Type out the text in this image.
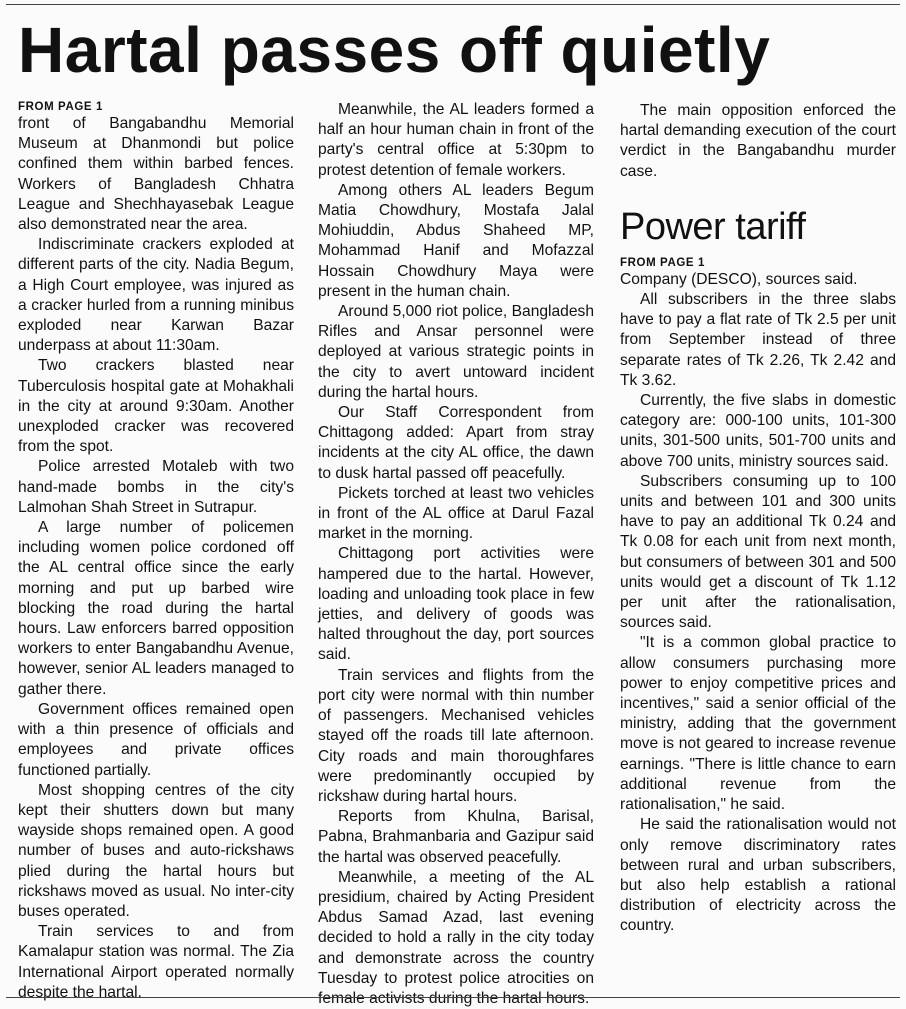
Hartal passes off quietly
FROM PAGE 1

front of Bangabandhu Memorial Museum at Dhanmondi but police confined them within barbed fences. Workers of Bangladesh Chhatra League and Shechhayasebak League also demonstrated near the area.

Indiscriminate crackers exploded at different parts of the city. Nadia Begum, a High Court employee, was injured as a cracker hurled from a running minibus exploded near Karwan Bazar underpass at about 11:30am.

Two crackers blasted near Tuberculosis hospital gate at Mohakhali in the city at around 9:30am. Another unexploded cracker was recovered from the spot.

Police arrested Motaleb with two hand-made bombs in the city's Lalmohan Shah Street in Sutrapur.

A large number of policemen including women police cordoned off the AL central office since the early morning and put up barbed wire blocking the road during the hartal hours. Law enforcers barred opposition workers to enter Bangabandhu Avenue, however, senior AL leaders managed to gather there.

Government offices remained open with a thin presence of officials and employees and private offices functioned partially.

Most shopping centres of the city kept their shutters down but many wayside shops remained open. A good number of buses and auto-rickshaws plied during the hartal hours but rickshaws moved as usual. No inter-city buses operated.

Train services to and from Kamalapur station was normal. The Zia International Airport operated normally despite the hartal.

Meanwhile, the AL leaders formed a half an hour human chain in front of the party's central office at 5:30pm to protest detention of female workers.

Among others AL leaders Begum Matia Chowdhury, Mostafa Jalal Mohiuddin, Abdus Shaheed MP, Mohammad Hanif and Mofazzal Hossain Chowdhury Maya were present in the human chain.

Around 5,000 riot police, Bangladesh Rifles and Ansar personnel were deployed at various strategic points in the city to avert untoward incident during the hartal hours.

Our Staff Correspondent from Chittagong added: Apart from stray incidents at the city AL office, the dawn to dusk hartal passed off peacefully.

Pickets torched at least two vehicles in front of the AL office at Darul Fazal market in the morning.

Chittagong port activities were hampered due to the hartal. However, loading and unloading took place in few jetties, and delivery of goods was halted throughout the day, port sources said.

Train services and flights from the port city were normal with thin number of passengers. Mechanised vehicles stayed off the roads till late afternoon. City roads and main thoroughfares were predominantly occupied by rickshaw during hartal hours.

Reports from Khulna, Barisal, Pabna, Brahmanbaria and Gazipur said the hartal was observed peacefully.

Meanwhile, a meeting of the AL presidium, chaired by Acting President Abdus Samad Azad, last evening decided to hold a rally in the city today and demonstrate across the country Tuesday to protest police atrocities on female activists during the hartal hours.

The main opposition enforced the hartal demanding execution of the court verdict in the Bangabandhu murder case.

Power tariff
FROM PAGE 1

Company (DESCO), sources said.

All subscribers in the three slabs have to pay a flat rate of Tk 2.5 per unit from September instead of three separate rates of Tk 2.26, Tk 2.42 and Tk 3.62.

Currently, the five slabs in domestic category are: 000-100 units, 101-300 units, 301-500 units, 501-700 units and above 700 units, ministry sources said.

Subscribers consuming up to 100 units and between 101 and 300 units have to pay an additional Tk 0.24 and Tk 0.08 for each unit from next month, but consumers of between 301 and 500 units would get a discount of Tk 1.12 per unit after the rationalisation, sources said.

"It is a common global practice to allow consumers purchasing more power to enjoy competitive prices and incentives," said a senior official of the ministry, adding that the government move is not geared to increase revenue earnings. "There is little chance to earn additional revenue from the rationalisation," he said.

He said the rationalisation would not only remove discriminatory rates between rural and urban subscribers, but also help establish a rational distribution of electricity across the country.
